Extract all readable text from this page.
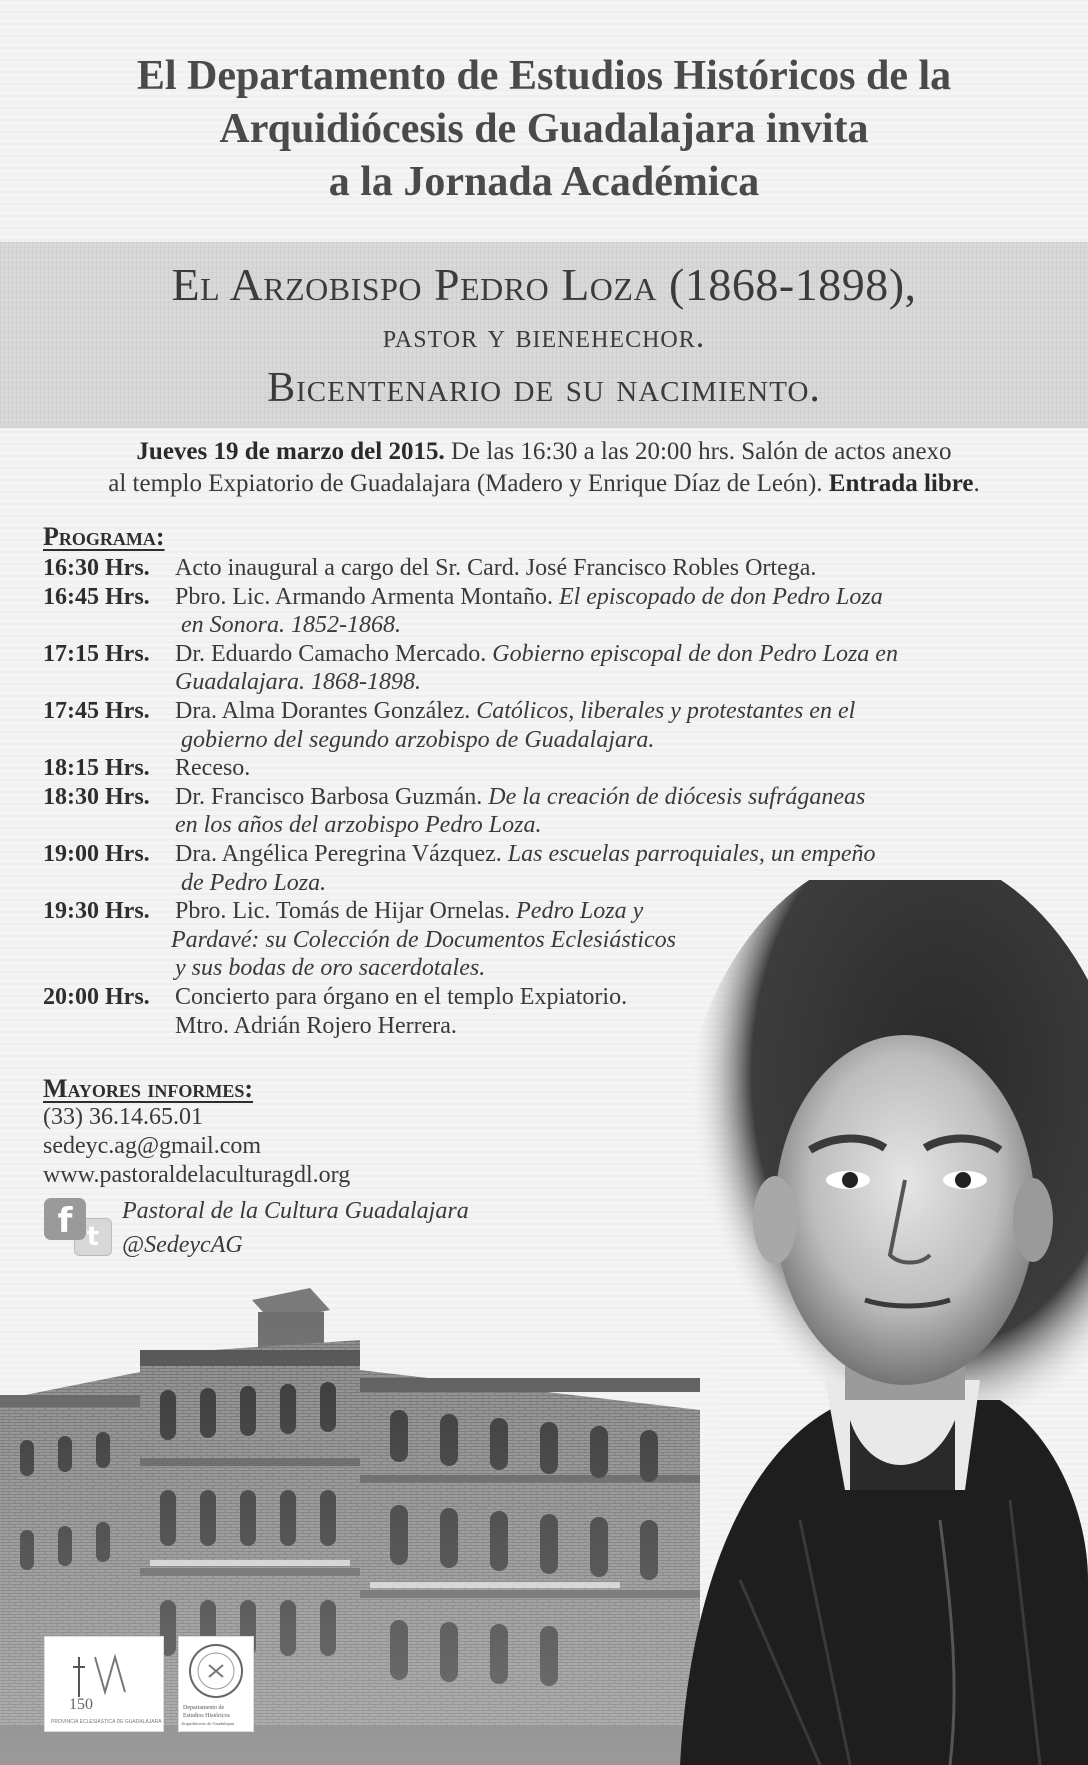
El Departamento de Estudios Históricos de la
Arquidiócesis de Guadalajara invita
a la Jornada Académica
El Arzobispo Pedro Loza (1868-1898),
pastor y bienehechor.
Bicentenario de su nacimiento.
Jueves 19 de marzo del 2015. De las 16:30 a las 20:00 hrs. Salón de actos anexo
al templo Expiatorio de Guadalajara (Madero y Enrique Díaz de León). Entrada libre.
Programa:
16:30 Hrs. Acto inaugural a cargo del Sr. Card. José Francisco Robles Ortega.
16:45 Hrs. Pbro. Lic. Armando Armenta Montaño. El episcopado de don Pedro Loza
en Sonora. 1852-1868.
17:15 Hrs. Dr. Eduardo Camacho Mercado. Gobierno episcopal de don Pedro Loza en
Guadalajara. 1868-1898.
17:45 Hrs. Dra. Alma Dorantes González. Católicos, liberales y protestantes en el
gobierno del segundo arzobispo de Guadalajara.
18:15 Hrs. Receso.
18:30 Hrs. Dr. Francisco Barbosa Guzmán. De la creación de diócesis sufráganeas
en los años del arzobispo Pedro Loza.
19:00 Hrs. Dra. Angélica Peregrina Vázquez. Las escuelas parroquiales, un empeño
de Pedro Loza.
19:30 Hrs. Pbro. Lic. Tomás de Hijar Ornelas. Pedro Loza y
Pardavé: su Colección de Documentos Eclesiásticos
y sus bodas de oro sacerdotales.
20:00 Hrs. Concierto para órgano en el templo Expiatorio.
Mtro. Adrián Rojero Herrera.
Mayores informes:
(33) 36.14.65.01
sedeyc.ag@gmail.com
www.pastoraldelaculturagdl.org
t
f	Pastoral de la Cultura Guadalajara
@SedeycAG
150
PROVINCIA ECLESIÁSTICA DE GUADALAJARA
Departamento de
Estudios Históricos
Arquidiócesis de Guadalajara
